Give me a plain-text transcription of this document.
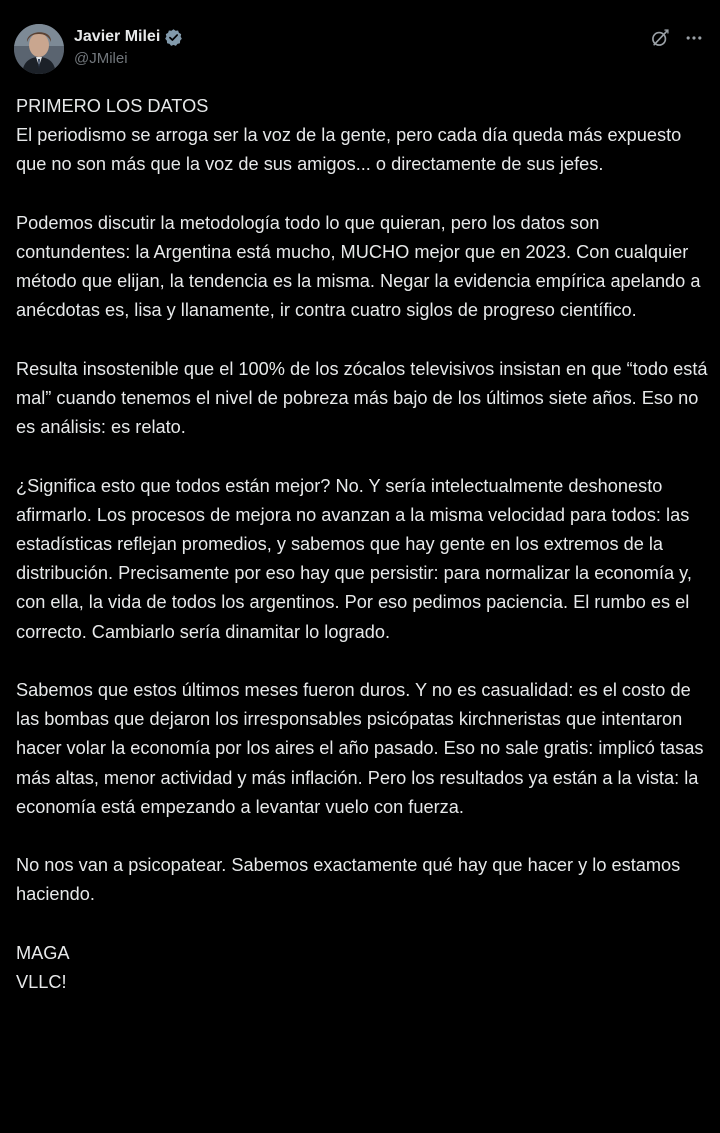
Javier Milei
@JMilei

PRIMERO LOS DATOS
El periodismo se arroga ser la voz de la gente, pero cada día queda más expuesto que no son más que la voz de sus amigos... o directamente de sus jefes.

Podemos discutir la metodología todo lo que quieran, pero los datos son contundentes: la Argentina está mucho, MUCHO mejor que en 2023. Con cualquier método que elijan, la tendencia es la misma. Negar la evidencia empírica apelando a anécdotas es, lisa y llanamente, ir contra cuatro siglos de progreso científico.

Resulta insostenible que el 100% de los zócalos televisivos insistan en que “todo está mal” cuando tenemos el nivel de pobreza más bajo de los últimos siete años. Eso no es análisis: es relato.

¿Significa esto que todos están mejor? No. Y sería intelectualmente deshonesto afirmarlo. Los procesos de mejora no avanzan a la misma velocidad para todos: las estadísticas reflejan promedios, y sabemos que hay gente en los extremos de la distribución. Precisamente por eso hay que persistir: para normalizar la economía y, con ella, la vida de todos los argentinos. Por eso pedimos paciencia. El rumbo es el correcto. Cambiarlo sería dinamitar lo logrado.

Sabemos que estos últimos meses fueron duros. Y no es casualidad: es el costo de las bombas que dejaron los irresponsables psicópatas kirchneristas que intentaron hacer volar la economía por los aires el año pasado. Eso no sale gratis: implicó tasas más altas, menor actividad y más inflación. Pero los resultados ya están a la vista: la economía está empezando a levantar vuelo con fuerza.

No nos van a psicopatear. Sabemos exactamente qué hay que hacer y lo estamos haciendo.

MAGA
VLLC!
